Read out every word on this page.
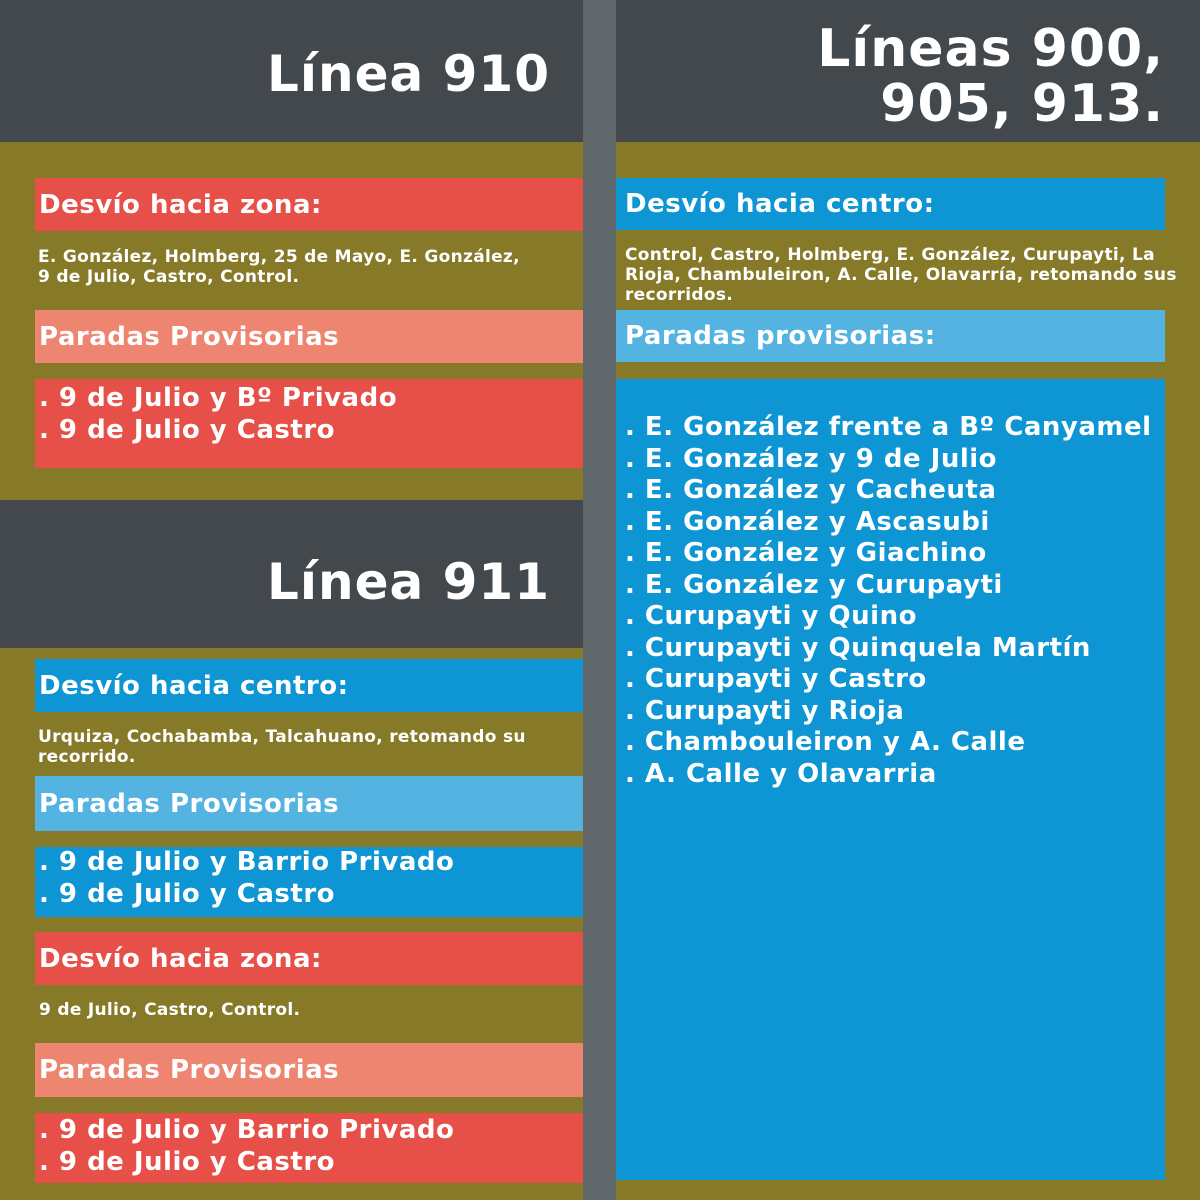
Línea 910
Desvío hacia zona:
E. González, Holmberg, 25 de Mayo, E. González, 9 de Julio, Castro, Control.
Paradas Provisorias
. 9 de Julio y Bº Privado
. 9 de Julio y Castro
Línea 911
Desvío hacia centro:
Urquiza, Cochabamba, Talcahuano, retomando su recorrido.
Paradas Provisorias
. 9 de Julio y Barrio Privado
. 9 de Julio y Castro
Desvío hacia zona:
9 de Julio, Castro, Control.
Paradas Provisorias
. 9 de Julio y Barrio Privado
. 9 de Julio y Castro
Líneas 900,
905, 913.
Desvío hacia centro:
Control, Castro, Holmberg, E. González, Curupayti, La Rioja, Chambuleiron, A. Calle, Olavarría, retomando sus recorridos.
Paradas provisorias:
. E. González frente a Bº Canyamel
. E. González y 9 de Julio
. E. González y Cacheuta
. E. González y Ascasubi
. E. González y Giachino
. E. González y Curupayti
. Curupayti y Quino
. Curupayti y Quinquela Martín
. Curupayti y Castro
. Curupayti y Rioja
. Chambouleiron y A. Calle
. A. Calle y Olavarria
